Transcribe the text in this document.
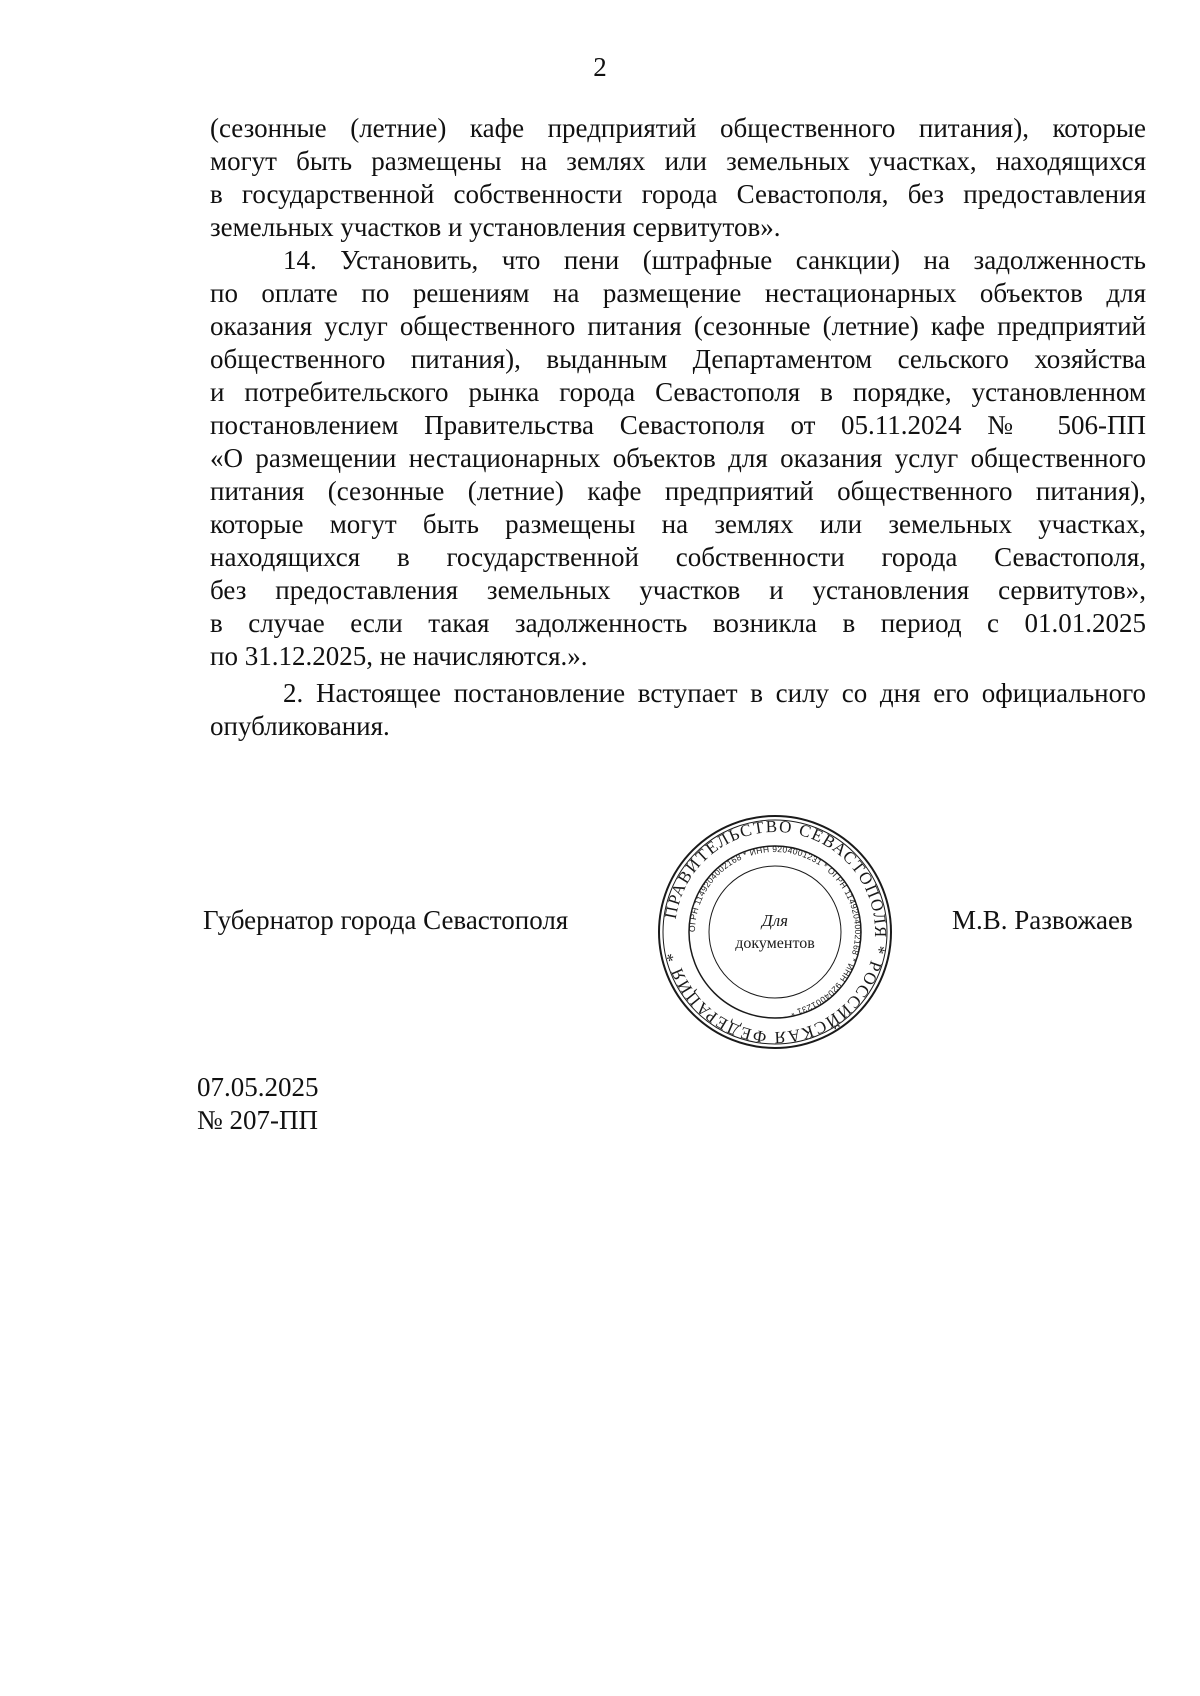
2
(сезонные (летние) кафе предприятий общественного питания), которые
могут быть размещены на землях или земельных участках, находящихся
в государственной собственности города Севастополя, без предоставления
земельных участков и установления сервитутов».
14. Установить, что пени (штрафные санкции) на задолженность
по оплате по решениям на размещение нестационарных объектов для
оказания услуг общественного питания (сезонные (летние) кафе предприятий
общественного питания), выданным Департаментом сельского хозяйства
и потребительского рынка города Севастополя в порядке, установленном
постановлением Правительства Севастополя от 05.11.2024 № 506-ПП
«О размещении нестационарных объектов для оказания услуг общественного
питания (сезонные (летние) кафе предприятий общественного питания),
которые могут быть размещены на землях или земельных участках,
находящихся в государственной собственности города Севастополя,
без предоставления земельных участков и установления сервитутов»,
в случае если такая задолженность возникла в период с 01.01.2025
по 31.12.2025, не начисляются.».
2. Настоящее постановление вступает в силу со дня его официального
опубликования.
Губернатор города Севастополя	М.В. Развожаев
ПРАВИТЕЛЬСТВО СЕВАСТОПОЛЯ * РОССИЙСКАЯ ФЕДЕРАЦИЯ *
ОГРН 1149204002168 * ИНН 9204001231 * ОГРН 1149204002168 * ИНН 9204001231 *
Для
документов
07.05.2025
№ 207-ПП
